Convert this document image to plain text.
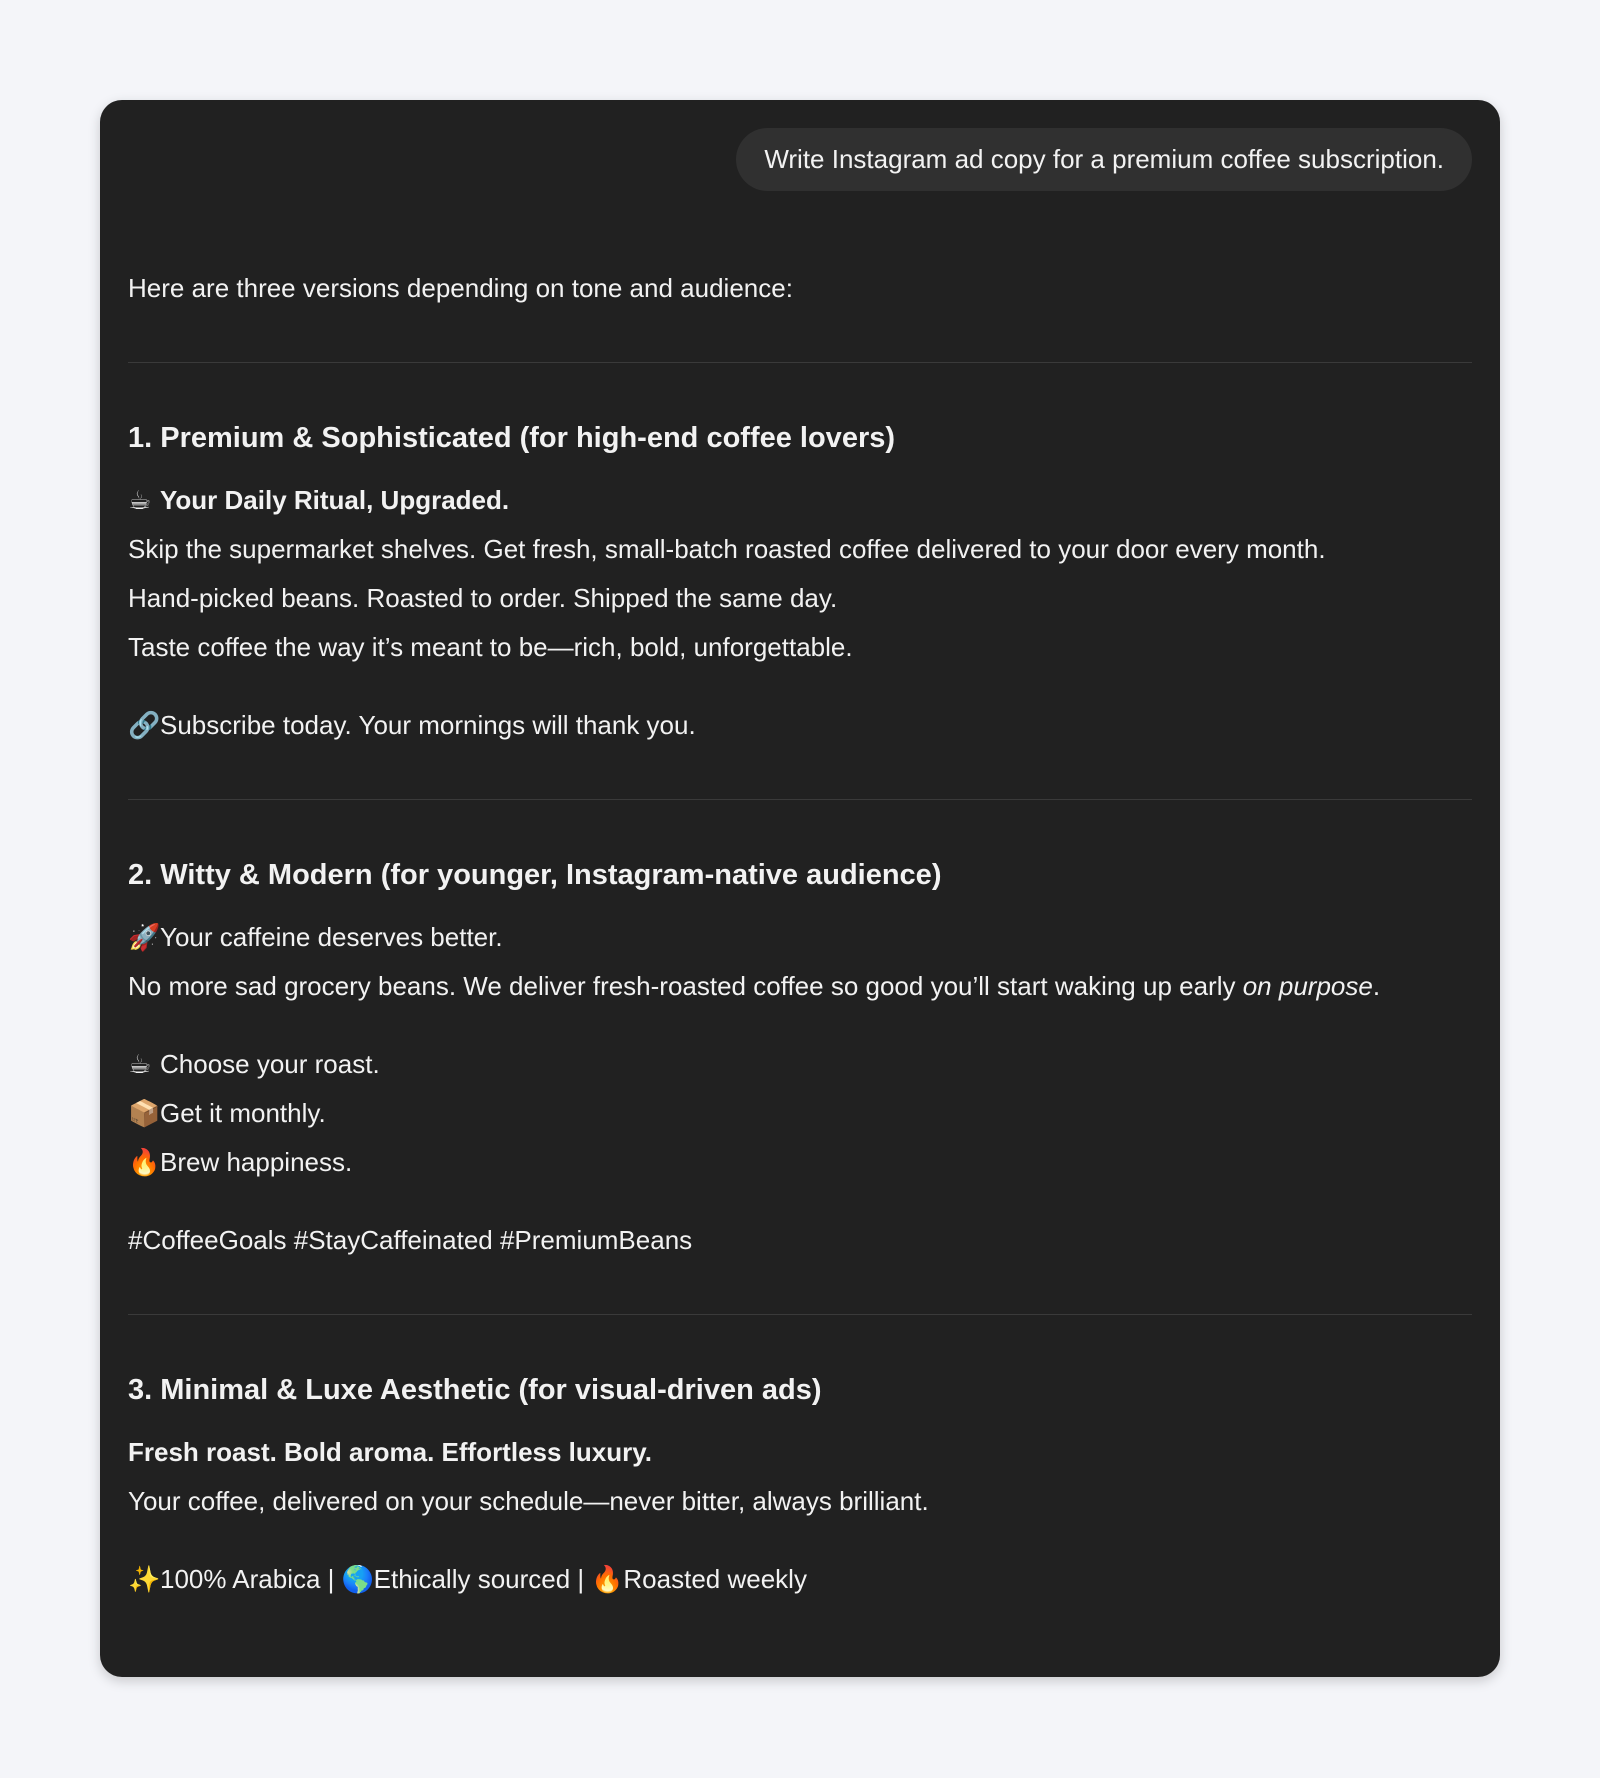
Write Instagram ad copy for a premium coffee subscription.
Here are three versions depending on tone and audience:
1. Premium & Sophisticated (for high-end coffee lovers)

☕ Your Daily Ritual, Upgraded.
Skip the supermarket shelves. Get fresh, small-batch roasted coffee delivered to your door every month.
Hand-picked beans. Roasted to order. Shipped the same day.
Taste coffee the way it’s meant to be—rich, bold, unforgettable.

🔗Subscribe today. Your mornings will thank you.

2. Witty & Modern (for younger, Instagram-native audience)

🚀Your caffeine deserves better.
No more sad grocery beans. We deliver fresh-roasted coffee so good you’ll start waking up early on purpose.

☕ Choose your roast.
📦Get it monthly.
🔥Brew happiness.

#CoffeeGoals #StayCaffeinated #PremiumBeans

3. Minimal & Luxe Aesthetic (for visual-driven ads)

Fresh roast. Bold aroma. Effortless luxury.
Your coffee, delivered on your schedule—never bitter, always brilliant.

✨100% Arabica | 🌎Ethically sourced | 🔥Roasted weekly
